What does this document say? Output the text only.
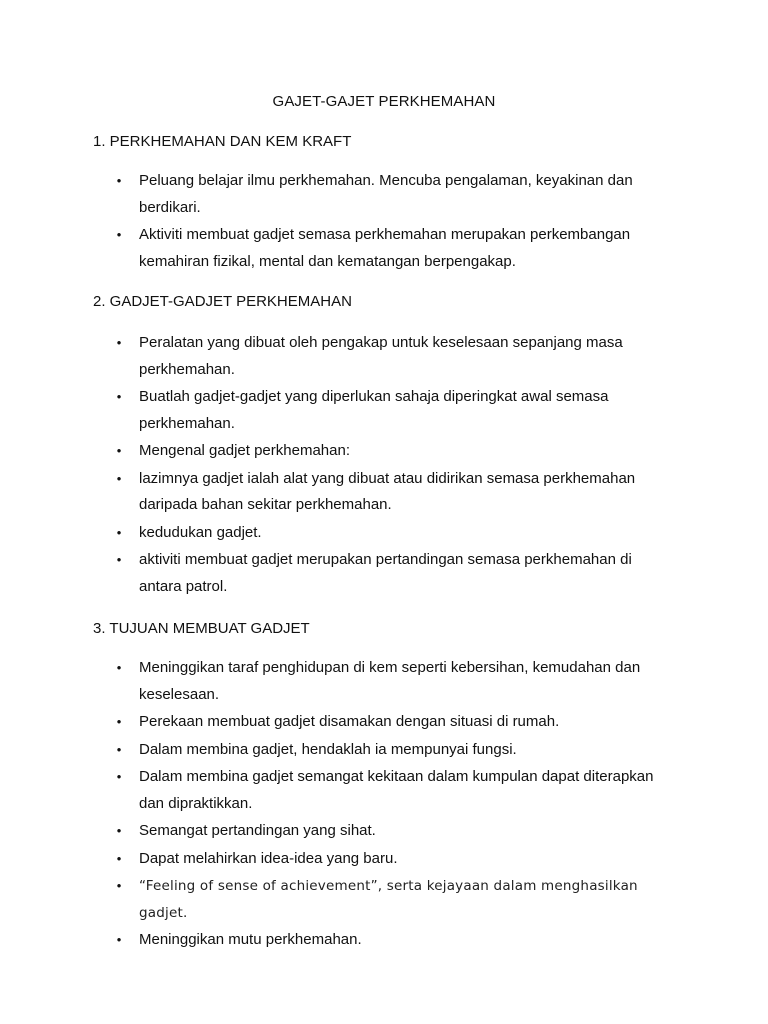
GAJET-GAJET PERKHEMAHAN
1. PERKHEMAHAN DAN KEM KRAFT
• Peluang belajar ilmu perkhemahan. Mencuba pengalaman, keyakinan dan berdikari.
• Aktiviti membuat gadjet semasa perkhemahan merupakan perkembangan kemahiran fizikal, mental dan kematangan berpengakap.
2. GADJET-GADJET PERKHEMAHAN
• Peralatan yang dibuat oleh pengakap untuk keselesaan sepanjang masa perkhemahan.
• Buatlah gadjet-gadjet yang diperlukan sahaja diperingkat awal semasa perkhemahan.
• Mengenal gadjet perkhemahan:
• lazimnya gadjet ialah alat yang dibuat atau didirikan semasa perkhemahan daripada bahan sekitar perkhemahan.
• kedudukan gadjet.
• aktiviti membuat gadjet merupakan pertandingan semasa perkhemahan di antara patrol.
3. TUJUAN MEMBUAT GADJET
• Meninggikan taraf penghidupan di kem seperti kebersihan, kemudahan dan keselesaan.
• Perekaan membuat gadjet disamakan dengan situasi di rumah.
• Dalam membina gadjet, hendaklah ia mempunyai fungsi.
• Dalam membina gadjet semangat kekitaan dalam kumpulan dapat diterapkan dan dipraktikkan.
• Semangat pertandingan yang sihat.
• Dapat melahirkan idea-idea yang baru.
• “Feeling of sense of achievement”, serta kejayaan dalam menghasilkan gadjet.
• Meninggikan mutu perkhemahan.
